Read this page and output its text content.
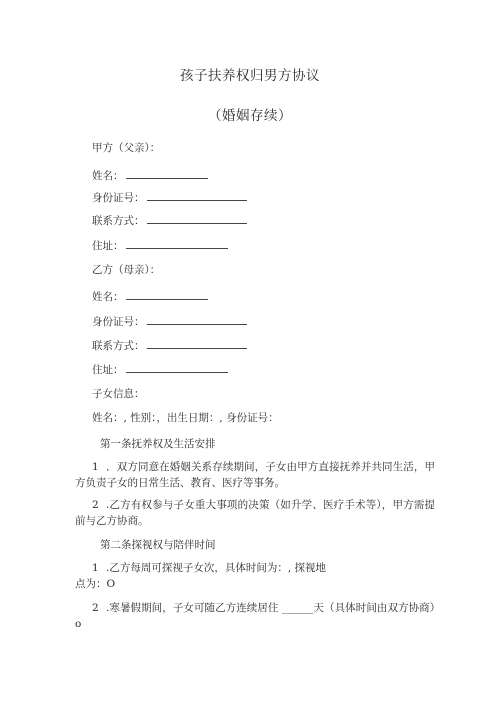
孩子扶养权归男方协议
（婚姻存续）
甲方（父亲）：
姓名：
身份证号：
联系方式：
住址：
乙方（母亲）：
姓名：
身份证号：
联系方式：
住址：
子女信息：
姓名：, 性别：，出生日期：, 身份证号：
第一条抚养权及生活安排
1 ．双方同意在婚姻关系存续期间，子女由甲方直接抚养并共同生活，甲方负责子女的日常生活、教育、医疗等事务。
2 .乙方有权参与子女重大事项的决策（如升学、医疗手术等），甲方需提前与乙方协商。
第二条探视权与陪伴时间
1 .乙方每周可探视子女次，具体时间为：, 探视地
点为：O
2 .寒暑假期间，子女可随乙方连续居住 ______天（具体时间由双方协商）o
